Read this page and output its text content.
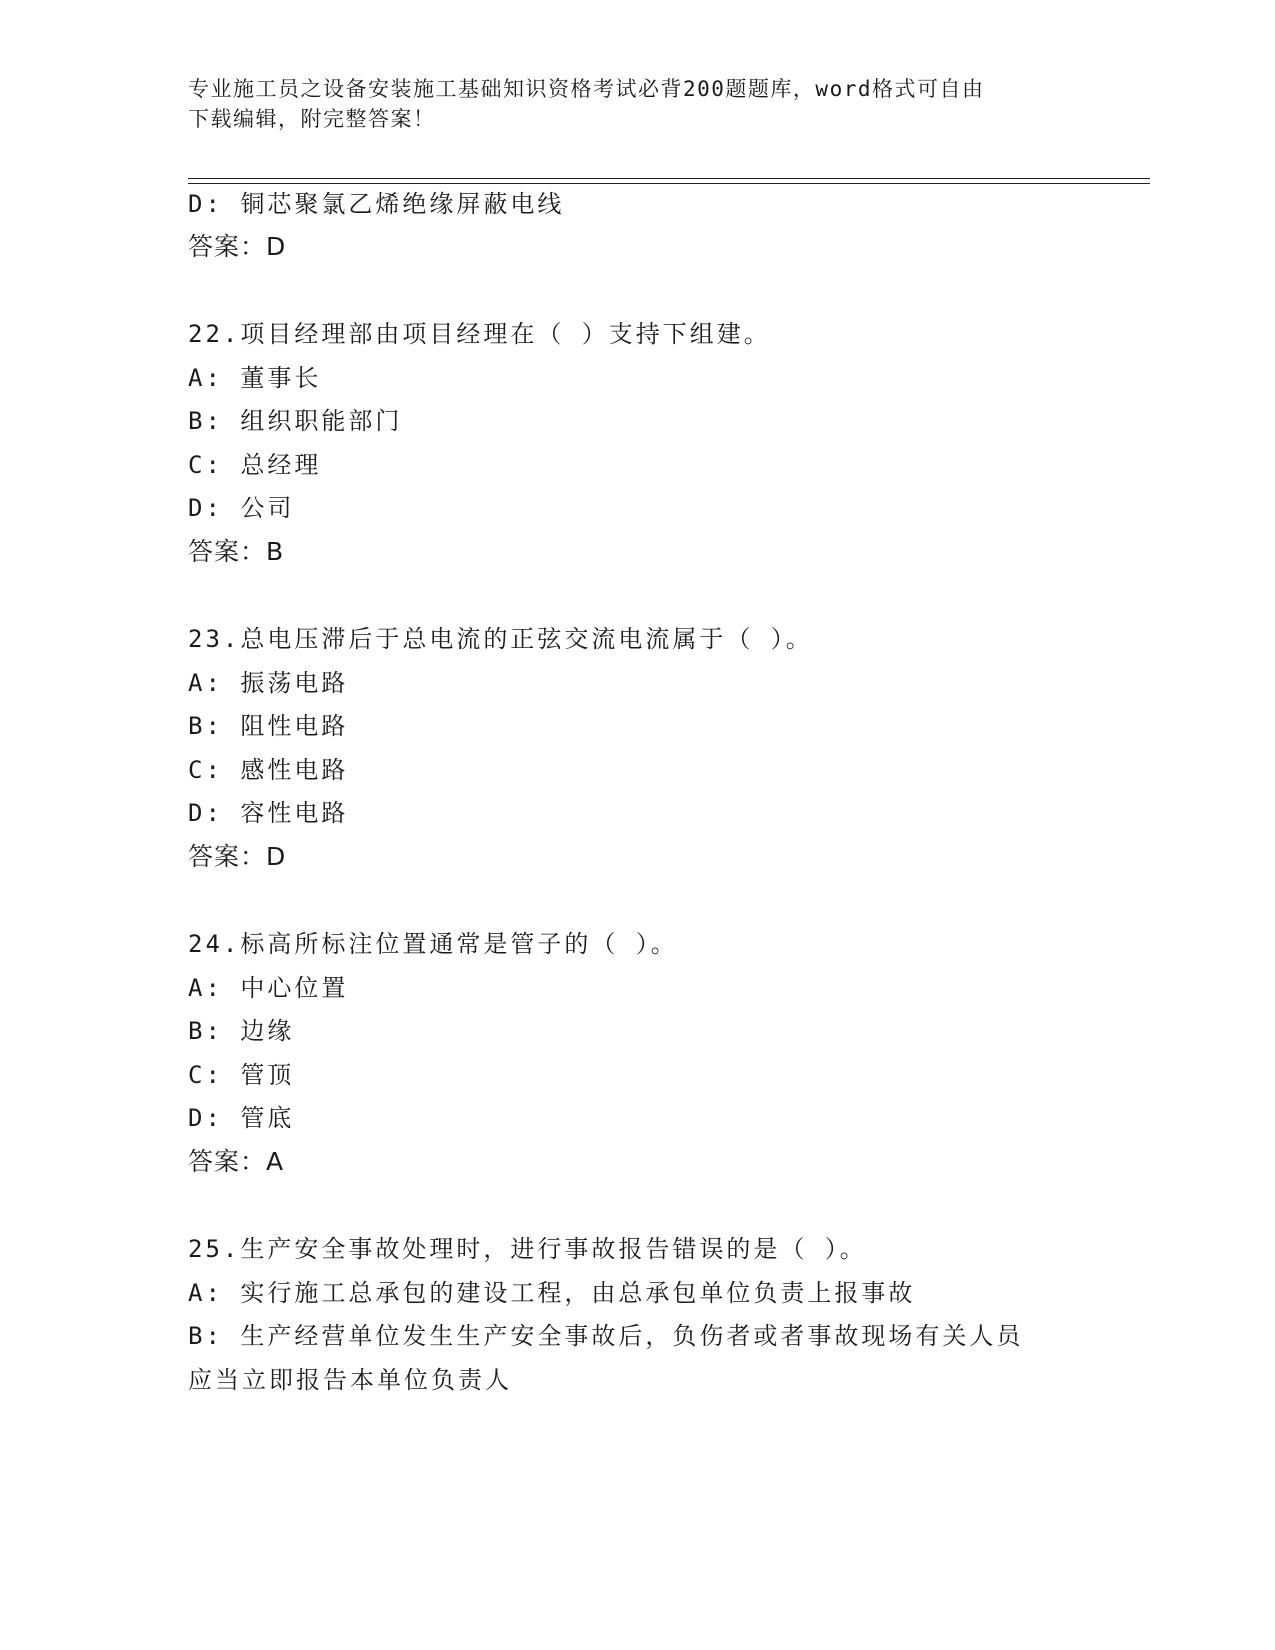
专业施工员之设备安装施工基础知识资格考试必背200题题库，word格式可自由
下载编辑，附完整答案！
D: 铜芯聚氯乙烯绝缘屏蔽电线
答案：D
22.项目经理部由项目经理在（ ）支持下组建。
A: 董事长
B: 组织职能部门
C: 总经理
D: 公司
答案：B
23.总电压滞后于总电流的正弦交流电流属于（ ）。
A: 振荡电路
B: 阻性电路
C: 感性电路
D: 容性电路
答案：D
24.标高所标注位置通常是管子的（ ）。
A: 中心位置
B: 边缘
C: 管顶
D: 管底
答案：A
25.生产安全事故处理时，进行事故报告错误的是（ ）。
A: 实行施工总承包的建设工程，由总承包单位负责上报事故
B: 生产经营单位发生生产安全事故后，负伤者或者事故现场有关人员
应当立即报告本单位负责人
